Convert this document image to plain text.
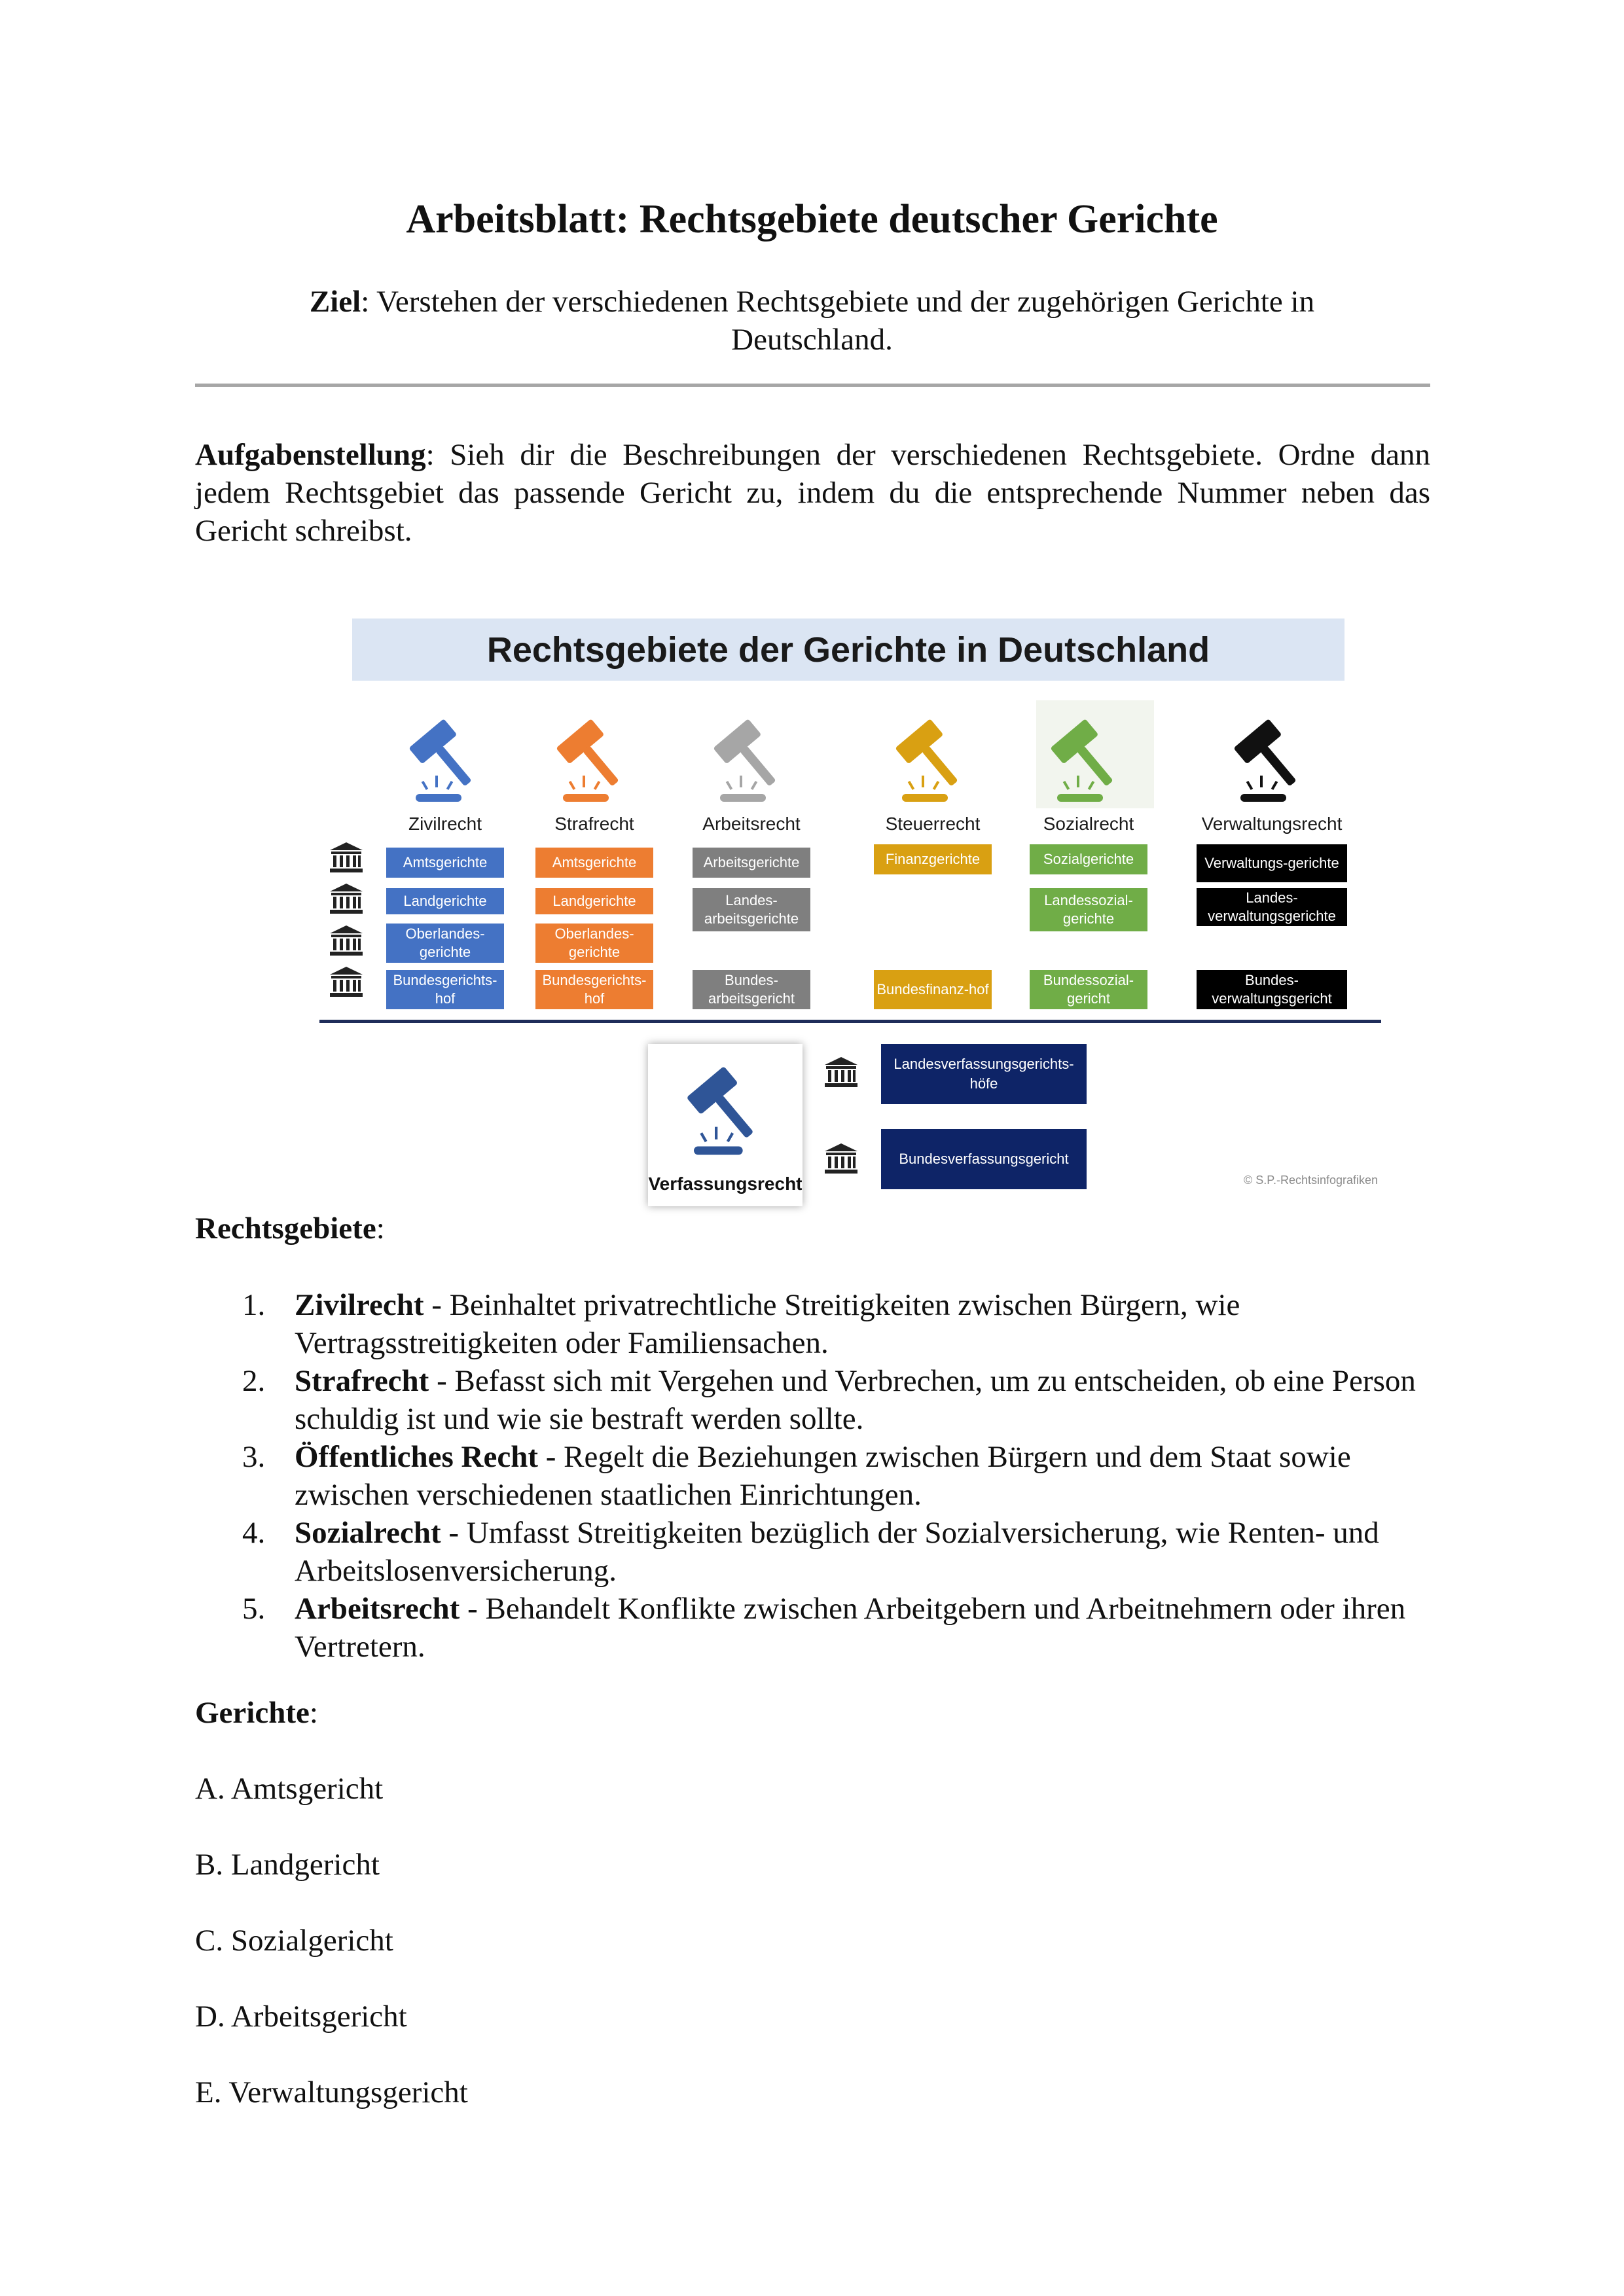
Arbeitsblatt: Rechtsgebiete deutscher Gerichte
Ziel: Verstehen der verschiedenen Rechtsgebiete und der zugehörigen Gerichte in Deutschland.
Aufgabenstellung: Sieh dir die Beschreibungen der verschiedenen Rechtsgebiete. Ordne dann jedem Rechtsgebiet das passende Gericht zu, indem du die entsprechende Nummer neben das Gericht schreibst.
Rechtsgebiete der Gerichte in Deutschland
Zivilrecht
Amtsgerichte
Landgerichte
Oberlandes-gerichte
Bundesgerichts-hof
Strafrecht
Amtsgerichte
Landgerichte
Oberlandes-gerichte
Bundesgerichts-hof
Arbeitsrecht
Arbeitsgerichte
Landes-arbeitsgerichte
Bundes-arbeitsgericht
Steuerrecht
Finanzgerichte
Bundesfinanz-hof
Sozialrecht
Sozialgerichte
Landessozial-gerichte
Bundessozial-gericht
Verwaltungsrecht
Verwaltungs-gerichte
Landes-verwaltungsgerichte
Bundes-verwaltungsgericht
Verfassungsrecht
Landesverfassungsgerichts-höfe
Bundesverfassungsgericht
© S.P.-Rechtsinfografiken
Rechtsgebiete:
1. Zivilrecht - Beinhaltet privatrechtliche Streitigkeiten zwischen Bürgern, wie Vertragsstreitigkeiten oder Familiensachen.
2. Strafrecht - Befasst sich mit Vergehen und Verbrechen, um zu entscheiden, ob eine Person schuldig ist und wie sie bestraft werden sollte.
3. Öffentliches Recht - Regelt die Beziehungen zwischen Bürgern und dem Staat sowie zwischen verschiedenen staatlichen Einrichtungen.
4. Sozialrecht - Umfasst Streitigkeiten bezüglich der Sozialversicherung, wie Renten- und Arbeitslosenversicherung.
5. Arbeitsrecht - Behandelt Konflikte zwischen Arbeitgebern und Arbeitnehmern oder ihren Vertretern.
Gerichte:
A. Amtsgericht
B. Landgericht
C. Sozialgericht
D. Arbeitsgericht
E. Verwaltungsgericht
